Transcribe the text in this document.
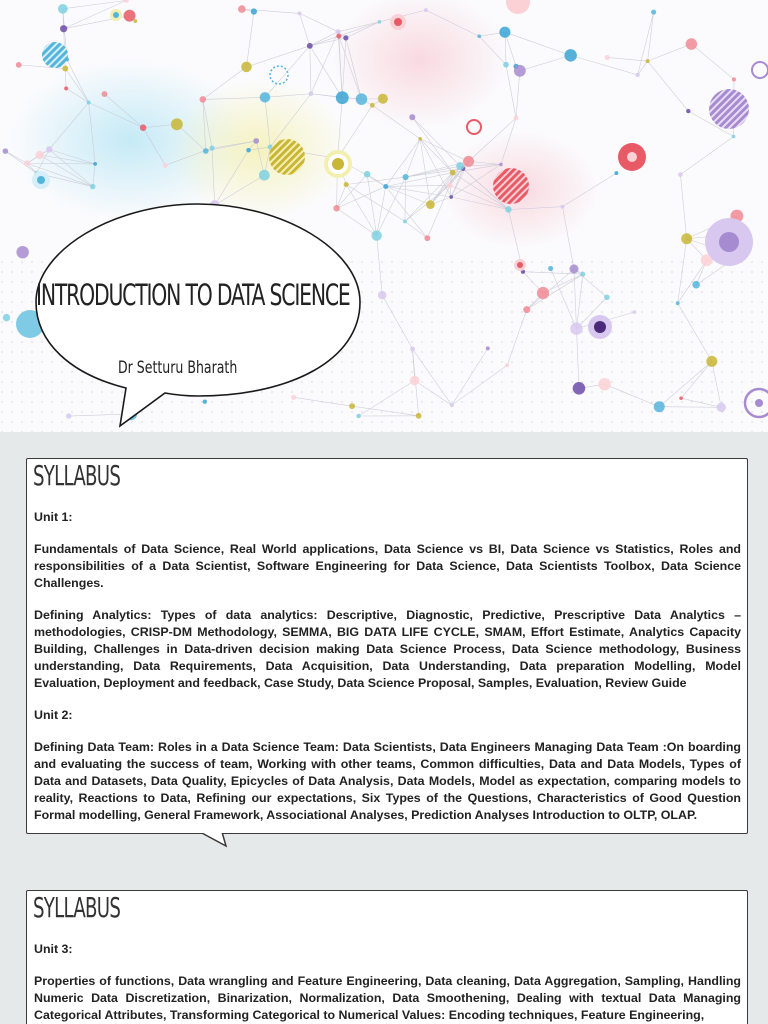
INTRODUCTION TO DATA SCIENCE
Dr Setturu Bharath
SYLLABUS

Unit 1:

Fundamentals of Data Science, Real World applications, Data Science vs BI, Data Science vs Statistics, Roles and responsibilities of a Data Scientist, Software Engineering for Data Science, Data Scientists Toolbox, Data Science Challenges.

Defining Analytics: Types of data analytics: Descriptive, Diagnostic, Predictive, Prescriptive Data Analytics – methodologies, CRISP-DM Methodology, SEMMA, BIG DATA LIFE CYCLE, SMAM, Effort Estimate, Analytics Capacity Building, Challenges in Data-driven decision making Data Science Process, Data Science methodology, Business understanding, Data Requirements, Data Acquisition, Data Understanding, Data preparation Modelling, Model Evaluation, Deployment and feedback, Case Study, Data Science Proposal, Samples, Evaluation, Review Guide

Unit 2:

Defining Data Team: Roles in a Data Science Team: Data Scientists, Data Engineers Managing Data Team :On boarding and evaluating the success of team, Working with other teams, Common difficulties, Data and Data Models, Types of Data and Datasets, Data Quality, Epicycles of Data Analysis, Data Models, Model as expectation, comparing models to reality, Reactions to Data, Refining our expectations, Six Types of the Questions, Characteristics of Good Question Formal modelling, General Framework, Associational Analyses, Prediction Analyses Introduction to OLTP, OLAP.

SYLLABUS

Unit 3:

Properties of functions, Data wrangling and Feature Engineering, Data cleaning, Data Aggregation, Sampling, Handling Numeric Data Discretization, Binarization, Normalization, Data Smoothening, Dealing with textual Data Managing Categorical Attributes, Transforming Categorical to Numerical Values: Encoding techniques, Feature Engineering,
